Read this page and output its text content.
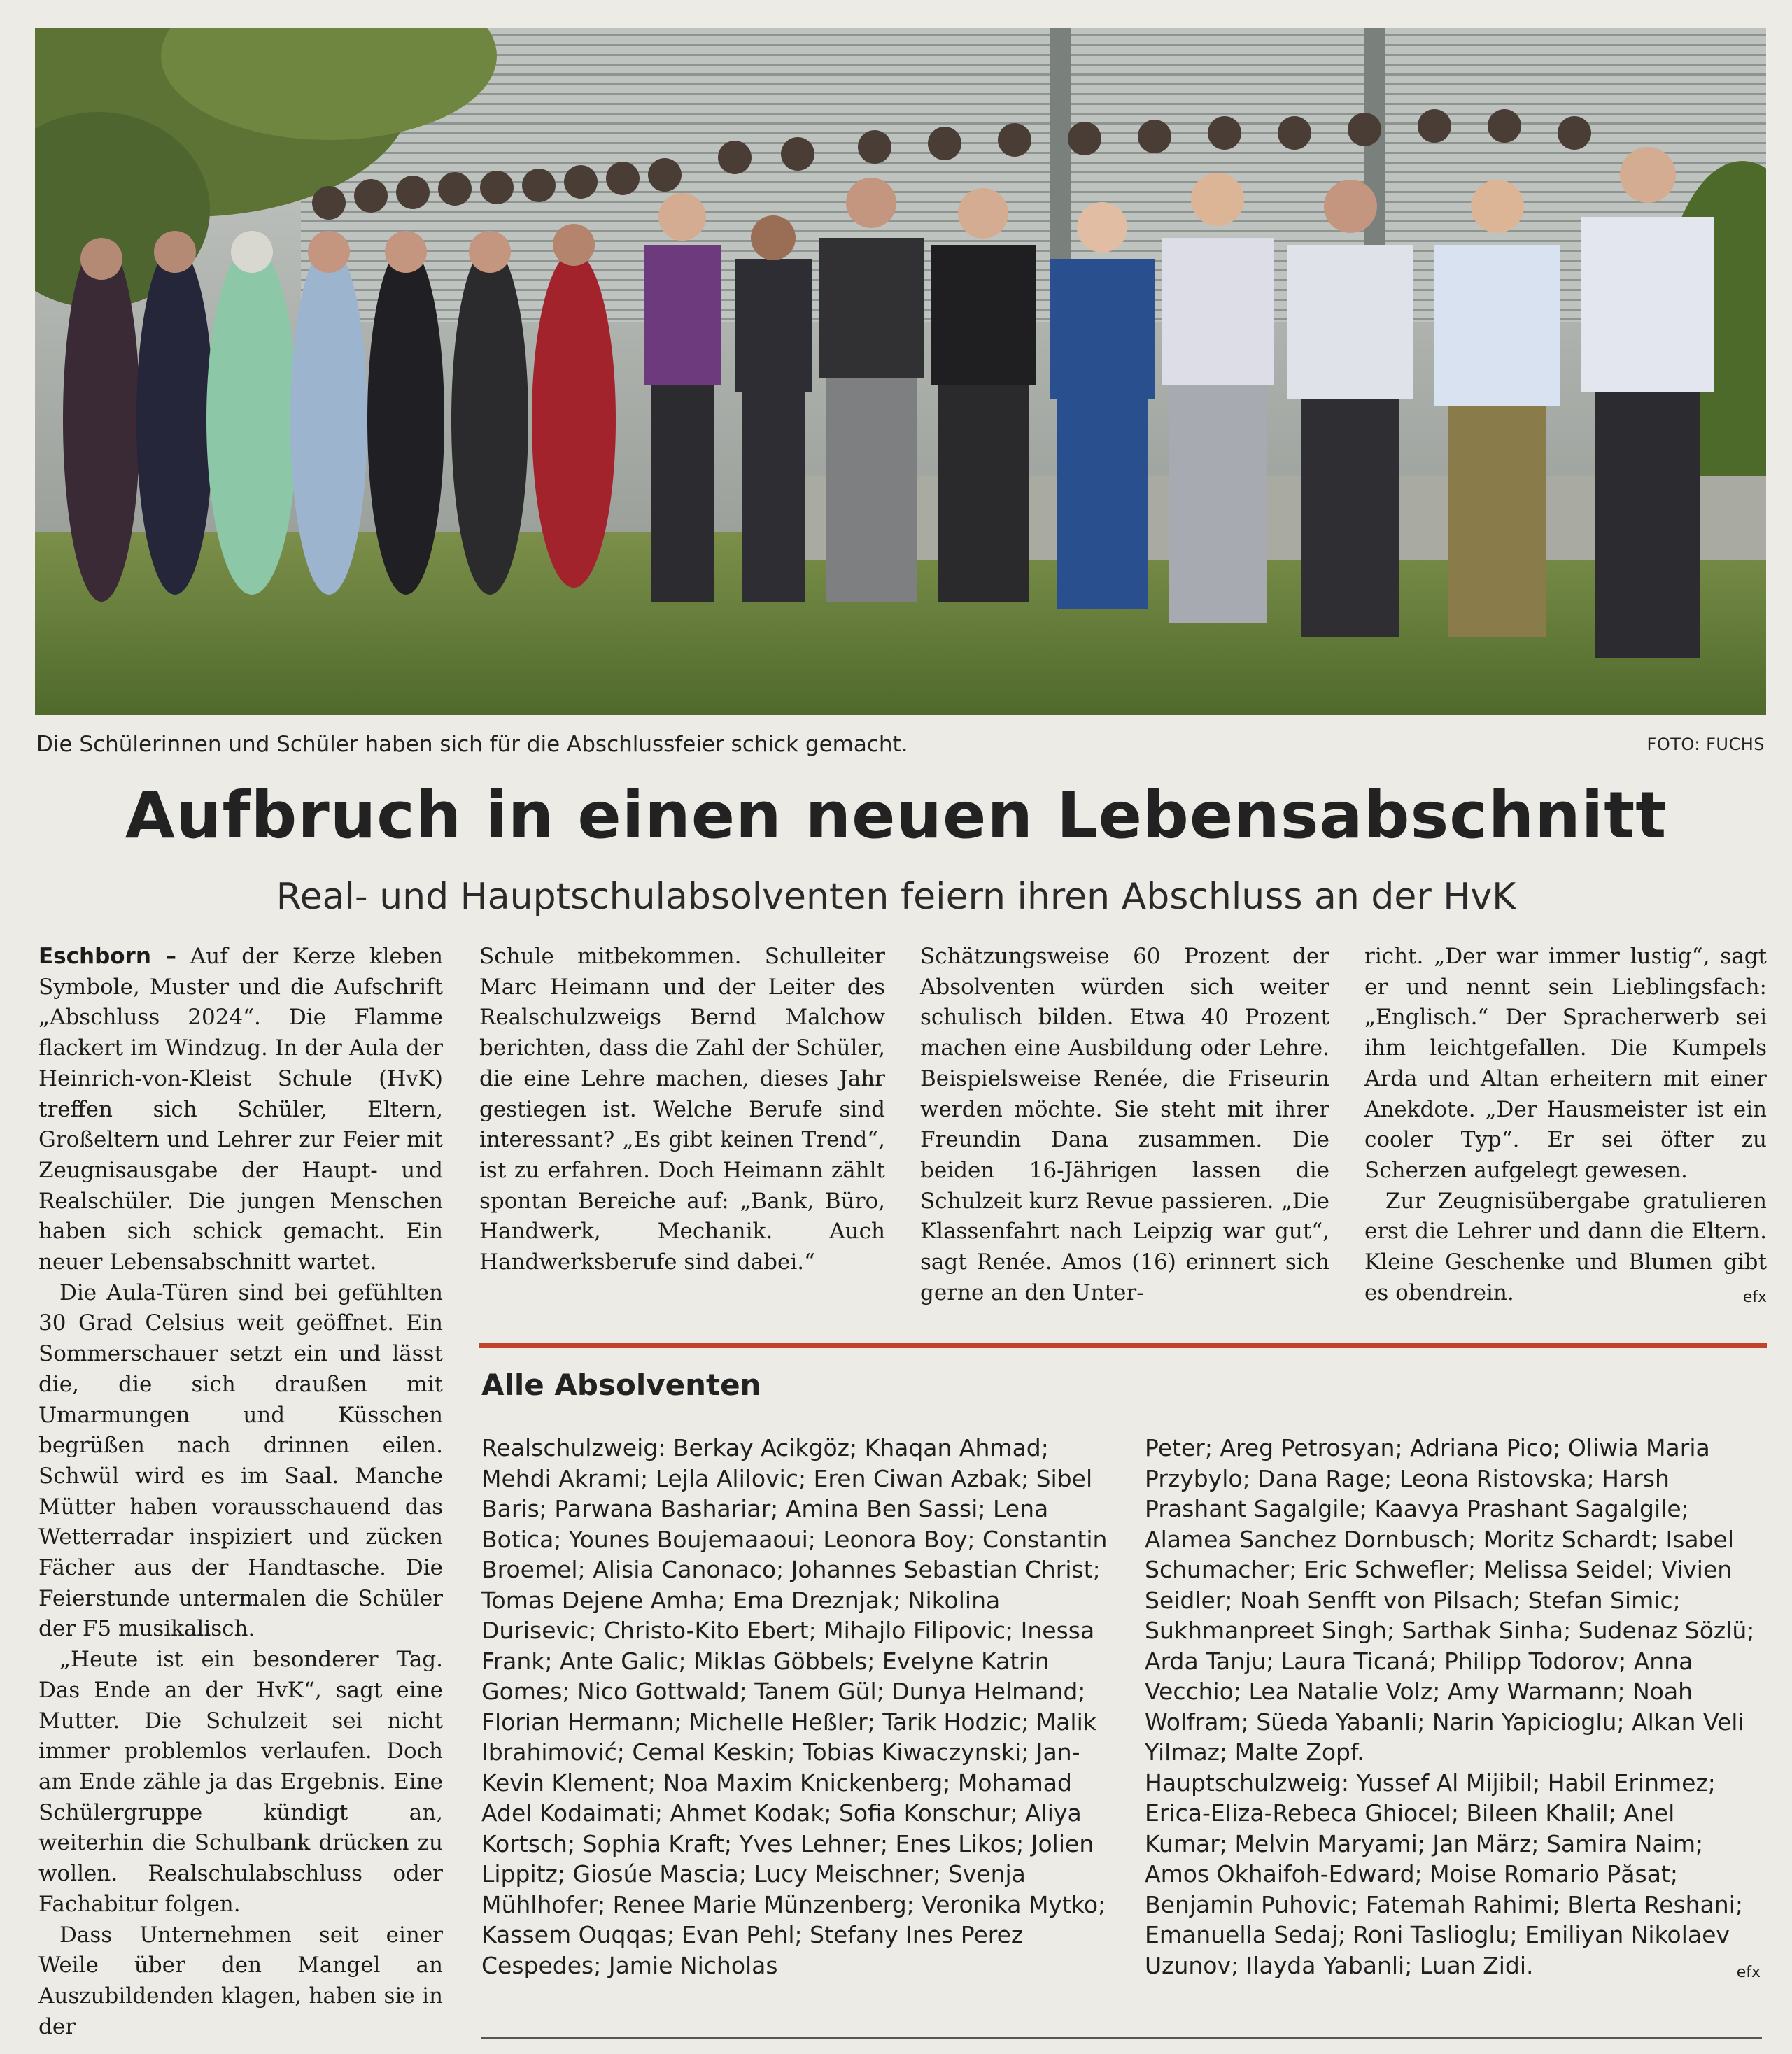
Die Schülerinnen und Schüler haben sich für die Abschlussfeier schick gemacht.	FOTO: FUCHS
Aufbruch in einen neuen Lebensabschnitt
Real- und Hauptschulabsolventen feiern ihren Abschluss an der HvK

Eschborn – Auf der Kerze kleben Symbole, Muster und die Aufschrift „Abschluss 2024“. Die Flamme flackert im Windzug. In der Aula der Heinrich-von-Kleist Schule (HvK) treffen sich Schüler, Eltern, Großeltern und Lehrer zur Feier mit Zeugnisausgabe der Haupt- und Realschüler. Die jungen Menschen haben sich schick gemacht. Ein neuer Lebensabschnitt wartet.

Die Aula-Türen sind bei gefühlten 30 Grad Celsius weit geöffnet. Ein Sommerschauer setzt ein und lässt die, die sich draußen mit Umarmungen und Küsschen begrüßen nach drinnen eilen. Schwül wird es im Saal. Manche Mütter haben vorausschauend das Wetterradar inspiziert und zücken Fächer aus der Handtasche. Die Feierstunde untermalen die Schüler der F5 musikalisch.

„Heute ist ein besonderer Tag. Das Ende an der HvK“, sagt eine Mutter. Die Schulzeit sei nicht immer problemlos verlaufen. Doch am Ende zähle ja das Ergebnis. Eine Schülergruppe kündigt an, weiterhin die Schulbank drücken zu wollen. Realschulabschluss oder Fachabitur folgen.

Dass Unternehmen seit einer Weile über den Mangel an Auszubildenden klagen, haben sie in der

Schule mitbekommen. Schulleiter Marc Heimann und der Leiter des Realschulzweigs Bernd Malchow berichten, dass die Zahl der Schüler, die eine Lehre machen, dieses Jahr gestiegen ist. Welche Berufe sind interessant? „Es gibt keinen Trend“, ist zu erfahren. Doch Heimann zählt spontan Bereiche auf: „Bank, Büro, Handwerk, Mechanik. Auch Handwerksberufe sind dabei.“

Schätzungsweise 60 Prozent der Absolventen würden sich weiter schulisch bilden. Etwa 40 Prozent machen eine Ausbildung oder Lehre. Beispielsweise Renée, die Friseurin werden möchte. Sie steht mit ihrer Freundin Dana zusammen. Die beiden 16-Jährigen lassen die Schulzeit kurz Revue passieren. „Die Klassenfahrt nach Leipzig war gut“, sagt Renée. Amos (16) erinnert sich gerne an den Unter-

richt. „Der war immer lustig“, sagt er und nennt sein Lieblingsfach: „Englisch.“ Der Spracherwerb sei ihm leichtgefallen. Die Kumpels Arda und Altan erheitern mit einer Anekdote. „Der Hausmeister ist ein cooler Typ“. Er sei öfter zu Scherzen aufgelegt gewesen.

Zur Zeugnisübergabe gratulieren erst die Lehrer und dann die Eltern. Kleine Geschenke und Blumen gibt es obendrein.	efx

Alle Absolventen
Realschulzweig: Berkay Acikgöz; Khaqan Ahmad; Mehdi Akrami; Lejla Alilovic; Eren Ciwan Azbak; Sibel Baris; Parwana Bashariar; Amina Ben Sassi; Lena Botica; Younes Boujemaaoui; Leonora Boy; Constantin Broemel; Alisia Canonaco; Johannes Sebastian Christ; Tomas Dejene Amha; Ema Dreznjak; Nikolina Durisevic; Christo-Kito Ebert; Mihajlo Filipovic; Inessa Frank; Ante Galic; Miklas Göbbels; Evelyne Katrin Gomes; Nico Gottwald; Tanem Gül; Dunya Helmand; Florian Hermann; Michelle Heßler; Tarik Hodzic; Malik Ibrahimović; Cemal Keskin; Tobias Kiwaczynski; Jan-Kevin Klement; Noa Maxim Knickenberg; Mohamad Adel Kodaimati; Ahmet Kodak; Sofia Konschur; Aliya Kortsch; Sophia Kraft; Yves Lehner; Enes Likos; Jolien Lippitz; Giosúe Mascia; Lucy Meischner; Svenja Mühlhofer; Renee Marie Münzenberg; Veronika Mytko; Kassem Ouqqas; Evan Pehl; Stefany Ines Perez Cespedes; Jamie Nicholas
Peter; Areg Petrosyan; Adriana Pico; Oliwia Maria Przybylo; Dana Rage; Leona Ristovska; Harsh Prashant Sagalgile; Kaavya Prashant Sagalgile; Alamea Sanchez Dornbusch; Moritz Schardt; Isabel Schumacher; Eric Schwefler; Melissa Seidel; Vivien Seidler; Noah Senfft von Pilsach; Stefan Simic; Sukhmanpreet Singh; Sarthak Sinha; Sudenaz Sözlü; Arda Tanju; Laura Ticaná; Philipp Todorov; Anna Vecchio; Lea Natalie Volz; Amy Warmann; Noah Wolfram; Süeda Yabanli; Narin Yapicioglu; Alkan Veli Yilmaz; Malte Zopf.
Hauptschulzweig: Yussef Al Mijibil; Habil Erinmez; Erica-Eliza-Rebeca Ghiocel; Bileen Khalil; Anel Kumar; Melvin Maryami; Jan März; Samira Naim; Amos Okhaifoh-Edward; Moise Romario Păsat; Benjamin Puhovic; Fatemah Rahimi; Blerta Reshani; Emanuella Sedaj; Roni Taslioglu; Emiliyan Nikolaev Uzunov; Ilayda Yabanli; Luan Zidi.	efx
